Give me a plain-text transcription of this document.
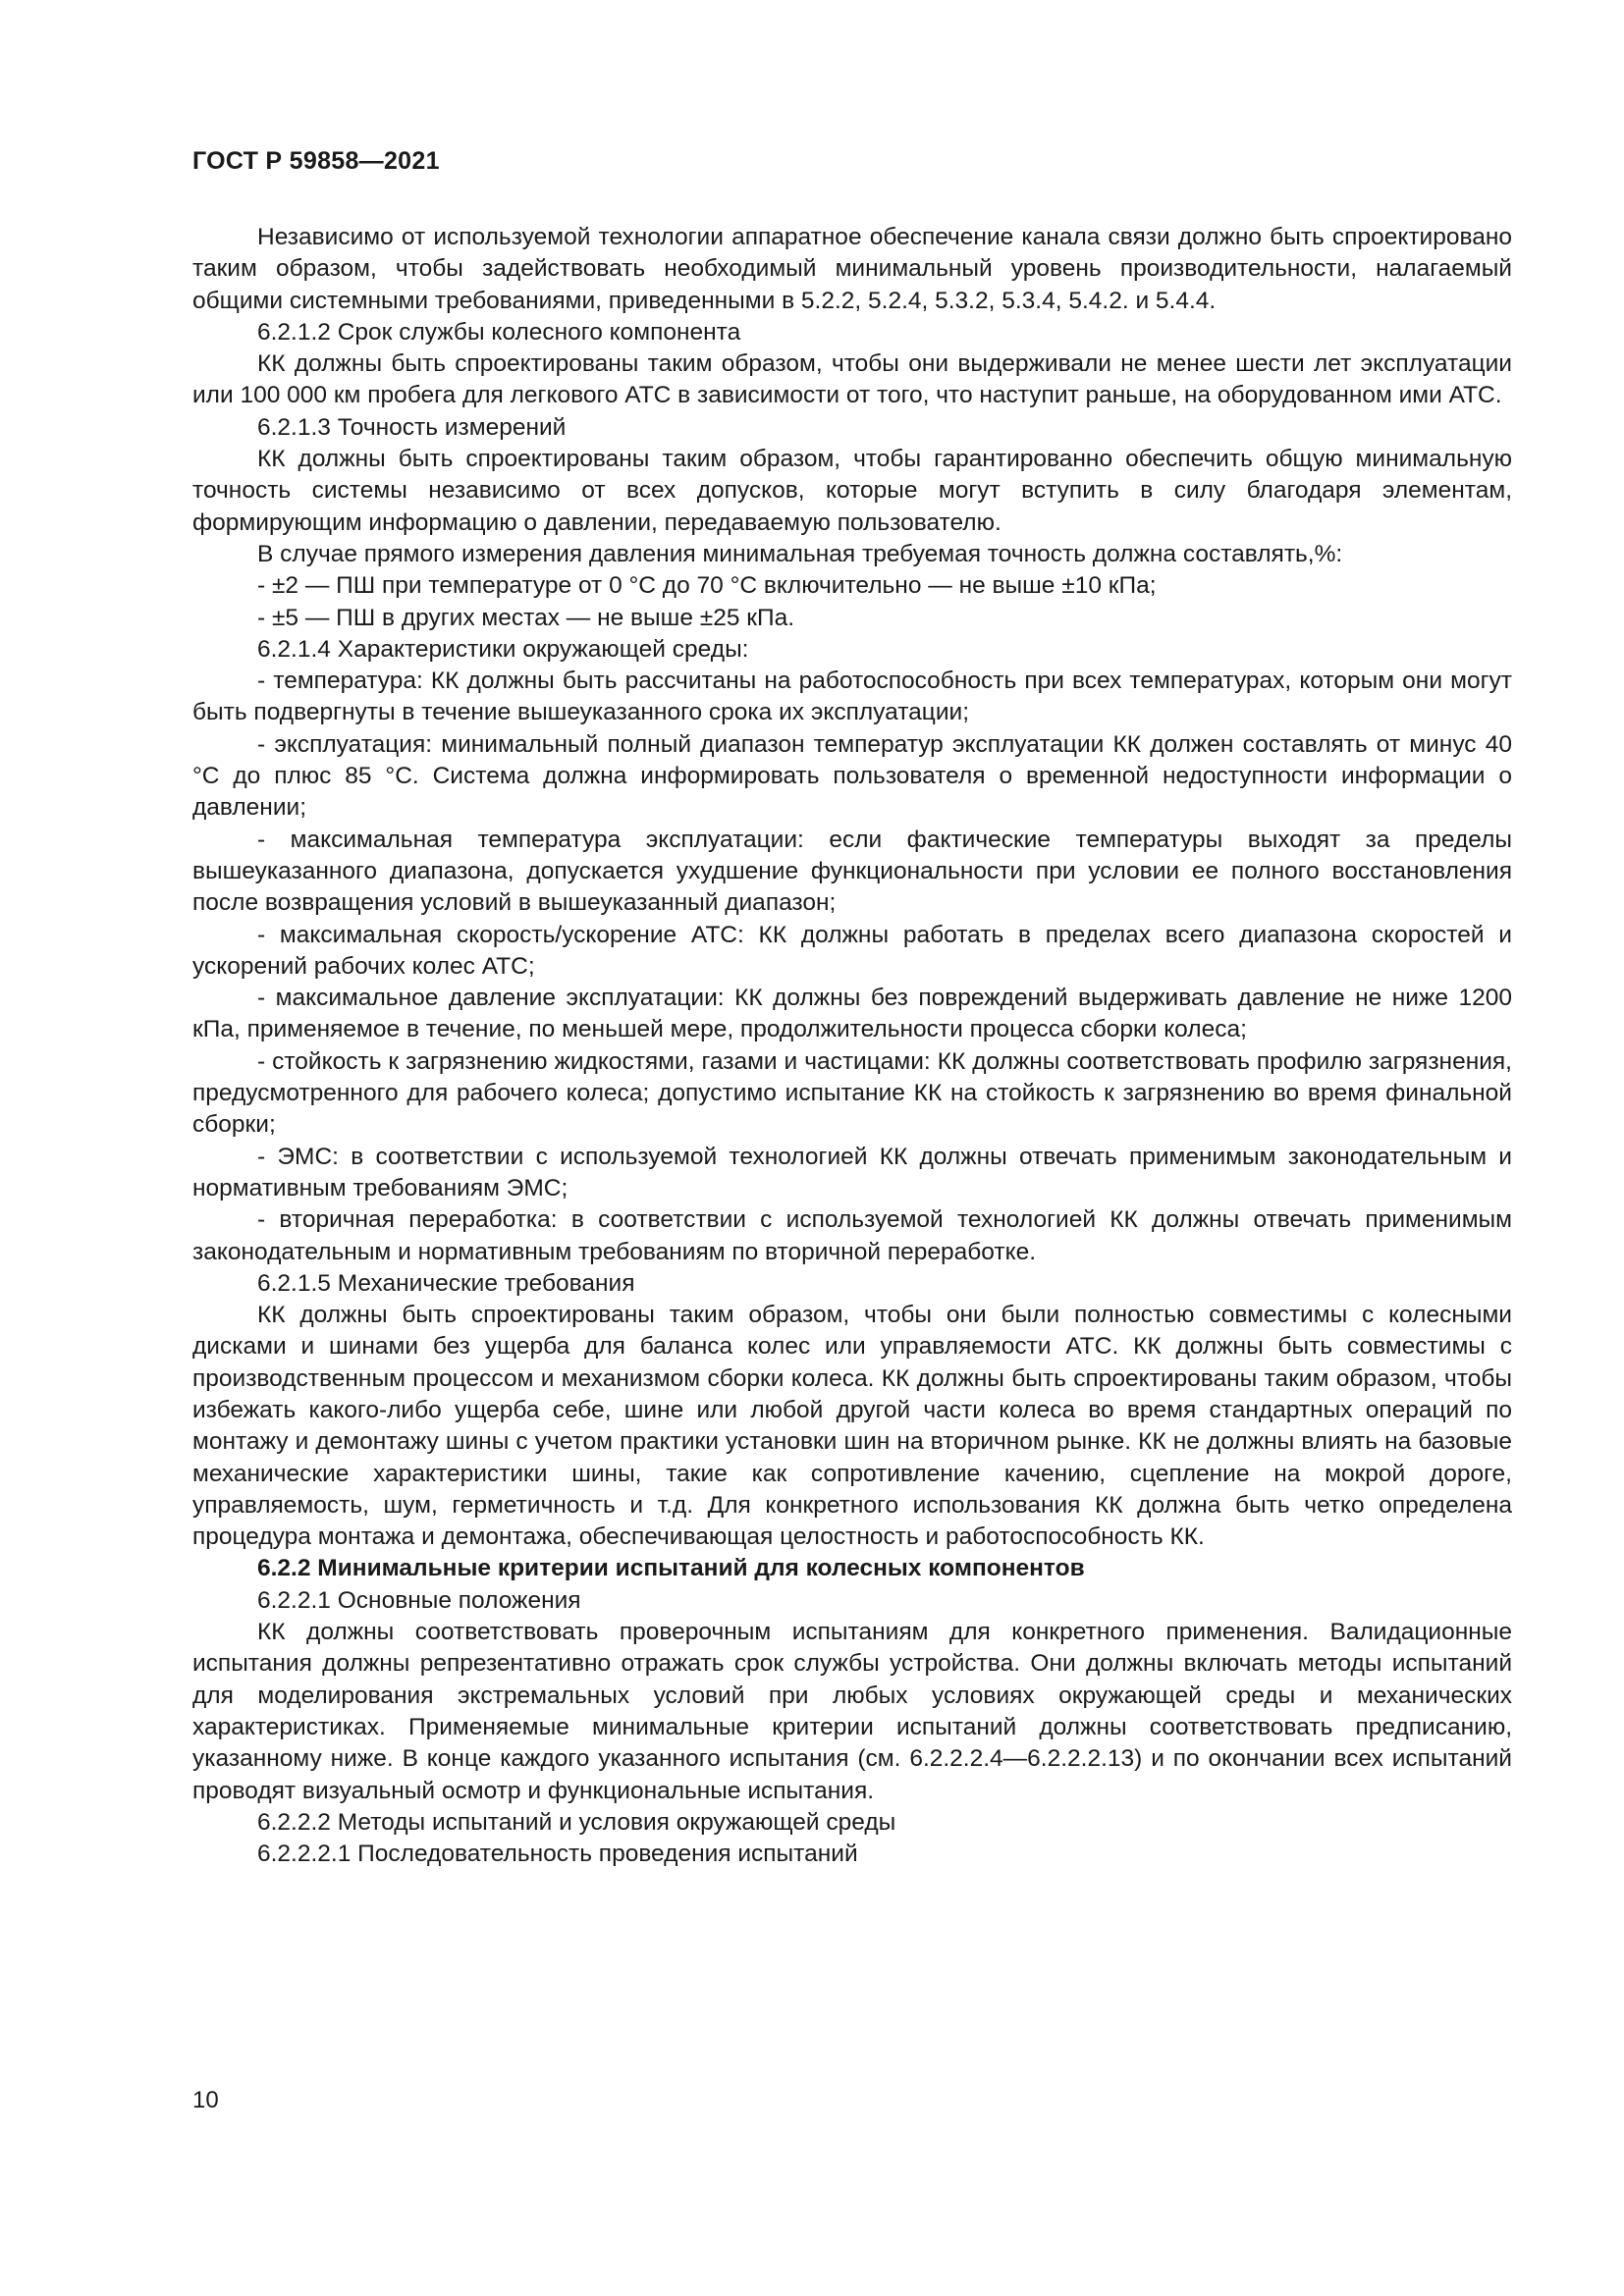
ГОСТ Р 59858—2021

Независимо от используемой технологии аппаратное обеспечение канала связи должно быть спроектировано таким образом, чтобы задействовать необходимый минимальный уровень производительности, налагаемый общими системными требованиями, приведенными в 5.2.2, 5.2.4, 5.3.2, 5.3.4, 5.4.2. и 5.4.4.

6.2.1.2 Срок службы колесного компонента

КК должны быть спроектированы таким образом, чтобы они выдерживали не менее шести лет эксплуатации или 100 000 км пробега для легкового АТС в зависимости от того, что наступит раньше, на оборудованном ими АТС.

6.2.1.3 Точность измерений

КК должны быть спроектированы таким образом, чтобы гарантированно обеспечить общую минимальную точность системы независимо от всех допусков, которые могут вступить в силу благодаря элементам, формирующим информацию о давлении, передаваемую пользователю.

В случае прямого измерения давления минимальная требуемая точность должна составлять,%:

- ±2 — ПШ при температуре от 0 °С до 70 °С включительно — не выше ±10 кПа;

- ±5 — ПШ в других местах — не выше ±25 кПа.

6.2.1.4 Характеристики окружающей среды:

- температура: КК должны быть рассчитаны на работоспособность при всех температурах, которым они могут быть подвергнуты в течение вышеуказанного срока их эксплуатации;

- эксплуатация: минимальный полный диапазон температур эксплуатации КК должен составлять от минус 40 °С до плюс 85 °С. Система должна информировать пользователя о временной недоступности информации о давлении;

- максимальная температура эксплуатации: если фактические температуры выходят за пределы вышеуказанного диапазона, допускается ухудшение функциональности при условии ее полного восстановления после возвращения условий в вышеуказанный диапазон;

- максимальная скорость/ускорение АТС: КК должны работать в пределах всего диапазона скоростей и ускорений рабочих колес АТС;

- максимальное давление эксплуатации: КК должны без повреждений выдерживать давление не ниже 1200 кПа, применяемое в течение, по меньшей мере, продолжительности процесса сборки колеса;

- стойкость к загрязнению жидкостями, газами и частицами: КК должны соответствовать профилю загрязнения, предусмотренного для рабочего колеса; допустимо испытание КК на стойкость к загрязнению во время финальной сборки;

- ЭМС: в соответствии с используемой технологией КК должны отвечать применимым законодательным и нормативным требованиям ЭМС;

- вторичная переработка: в соответствии с используемой технологией КК должны отвечать применимым законодательным и нормативным требованиям по вторичной переработке.

6.2.1.5 Механические требования

КК должны быть спроектированы таким образом, чтобы они были полностью совместимы с колесными дисками и шинами без ущерба для баланса колес или управляемости АТС. КК должны быть совместимы с производственным процессом и механизмом сборки колеса. КК должны быть спроектированы таким образом, чтобы избежать какого-либо ущерба себе, шине или любой другой части колеса во время стандартных операций по монтажу и демонтажу шины с учетом практики установки шин на вторичном рынке. КК не должны влиять на базовые механические характеристики шины, такие как сопротивление качению, сцепление на мокрой дороге, управляемость, шум, герметичность и т.д. Для конкретного использования КК должна быть четко определена процедура монтажа и демонтажа, обеспечивающая целостность и работоспособность КК.

6.2.2 Минимальные критерии испытаний для колесных компонентов

6.2.2.1 Основные положения

КК должны соответствовать проверочным испытаниям для конкретного применения. Валидационные испытания должны репрезентативно отражать срок службы устройства. Они должны включать методы испытаний для моделирования экстремальных условий при любых условиях окружающей среды и механических характеристиках. Применяемые минимальные критерии испытаний должны соответствовать предписанию, указанному ниже. В конце каждого указанного испытания (см. 6.2.2.2.4—6.2.2.2.13) и по окончании всех испытаний проводят визуальный осмотр и функциональные испытания.

6.2.2.2 Методы испытаний и условия окружающей среды

6.2.2.2.1 Последовательность проведения испытаний

10
